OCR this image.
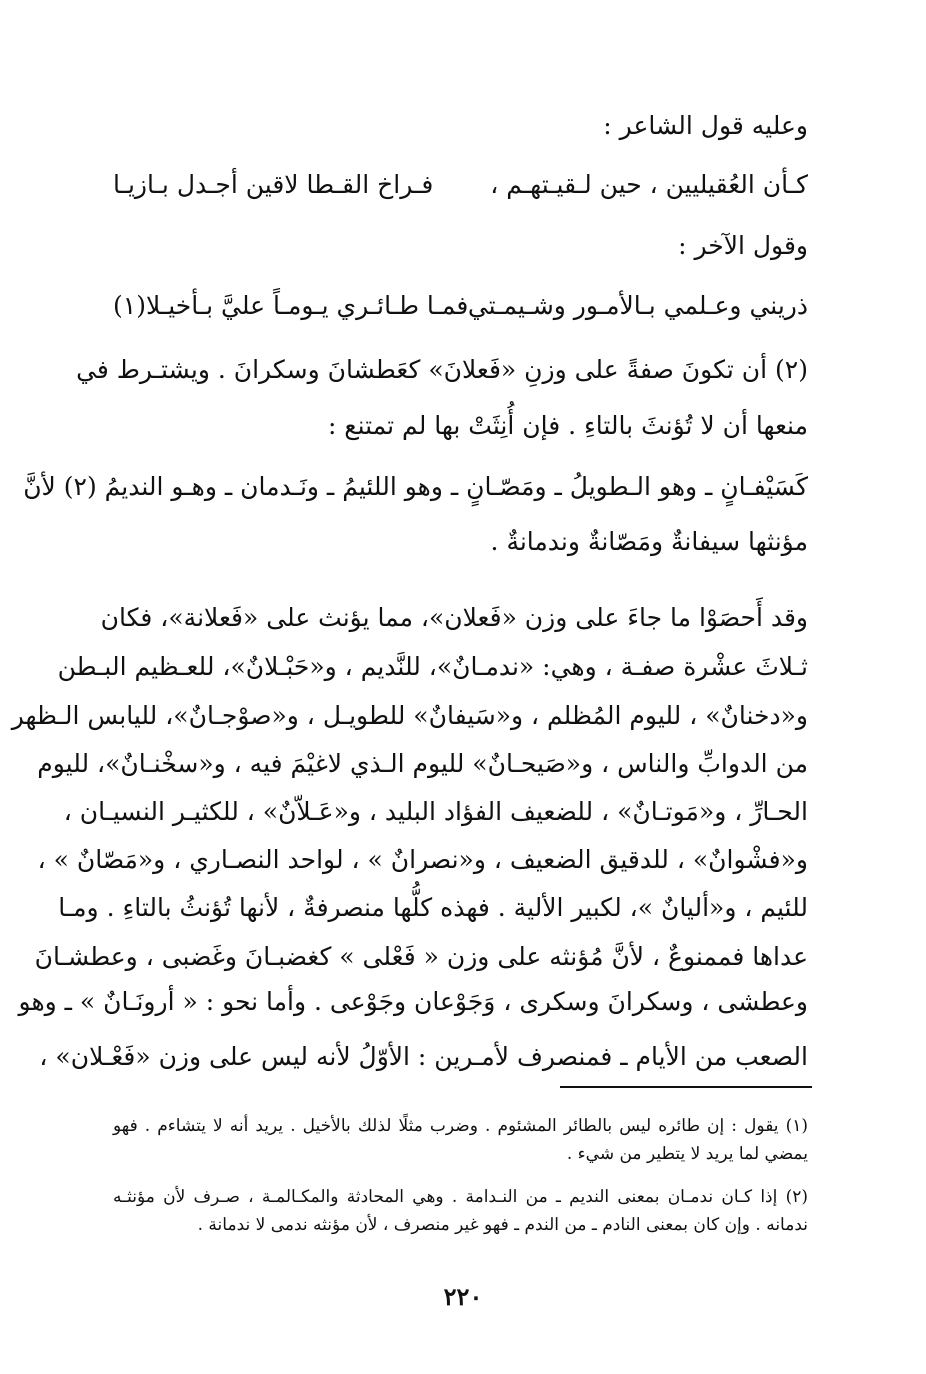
وعليه قول الشاعر :
كـأن العُقيليين ، حين لـقيـتهـم ،
فـراخ القـطا لاقين أجـدل بـازيـا
وقول الآخر :
ذريني وعـلمي بـالأمـور وشـيمـتي
فمـا طـائـري يـومـاً عليَّ بـأخيـلا(١)
(٢) أن تكونَ صفةً على وزنِ «فَعلانَ» كعَطشانَ وسكرانَ . ويشتـرط في
منعها أن لا تُؤنثَ بالتاءِ . فإن أُنِثَتْ بها لم تمتنع :
كَسَيْفـانٍ ـ وهو الـطويلُ ـ ومَصّـانٍ ـ وهو اللئيمُ ـ ونَـدمان ـ وهـو النديمُ (٢) لأنَّ
مؤنثها سيفانةٌ ومَصّانةٌ وندمانةٌ .
وقد أَحصَوْا ما جاءَ على وزن «فَعلان»، مما يؤنث على «فَعلانة»، فكان
ثـلاثَ عشْرة صفـة ، وهي: «ندمـانٌ»، للنَّديم ، و«حَبْـلانٌ»، للعـظيم البـطن
و«دخنانٌ» ، لليوم المُظلم ، و«سَيفانٌ» للطويـل ، و«صوْجـانٌ»، لليابس الـظهر
من الدوابِّ والناس ، و«صَيحـانٌ» لليوم الـذي لاغيْمَ فيه ، و«سخْنـانٌ»، لليوم
الحـارِّ ، و«مَوتـانٌ» ، للضعيف الفؤاد البليد ، و«عَـلاّنٌ» ، للكثيـر النسيـان ،
و«فشْوانٌ» ، للدقيق الضعيف ، و«نصرانٌ » ، لواحد النصـاري ، و«مَصّانٌ » ،
للئيم ، و«أليانٌ »، لكبير الألية . فهذه كلُّها منصرفةٌ ، لأنها تُؤنثُ بالتاءِ . ومـا
عداها فممنوعٌ ، لأنَّ مُؤنثه على وزن « فَعْلى » كغضبـانَ وغَضبى ، وعطشـانَ
وعطشى ، وسكرانَ وسكرى ، وَجَوْعان وجَوْعى . وأما نحو : « أرونَـانٌ » ـ وهو
الصعب من الأيام ـ فمنصرف لأمـرين : الأوّلُ لأنه ليس على وزن «فَعْـلان» ،
(١) يقول : إن طائره ليس بالطائر المشئوم . وضرب مثلًا لذلك بالأخيل . يريد أنه لا يتشاءم . فهو
يمضي لما يريد لا يتطير من شيء .
(٢) إذا كـان ندمـان بمعنى النديم ـ من النـدامة . وهي المحادثة والمكـالمـة ، صـرف لأن مؤنثـه
ندمانه . وإن كان بمعنى النادم ـ من الندم ـ فهو غير منصرف ، لأن مؤنثه ندمى لا ندمانة .
٢٢٠
